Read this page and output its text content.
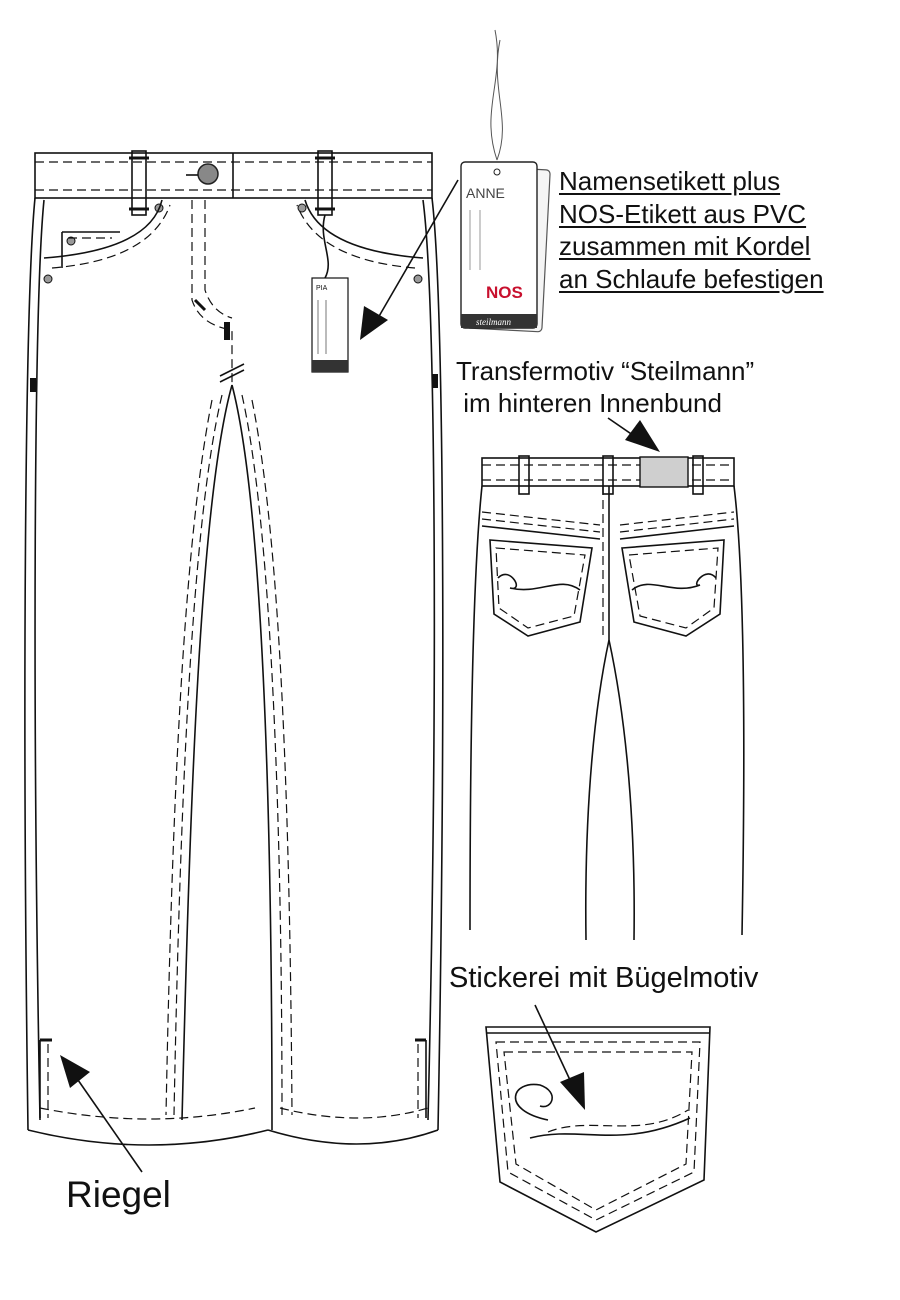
PIA
ANNE
NOS
steilmann
Namensetikett plus
NOS-Etikett aus PVC
zusammen mit Kordel
an Schlaufe befestigen
Transfermotiv “Steilmann”
im hinteren Innenbund
Stickerei mit Bügelmotiv
Riegel
